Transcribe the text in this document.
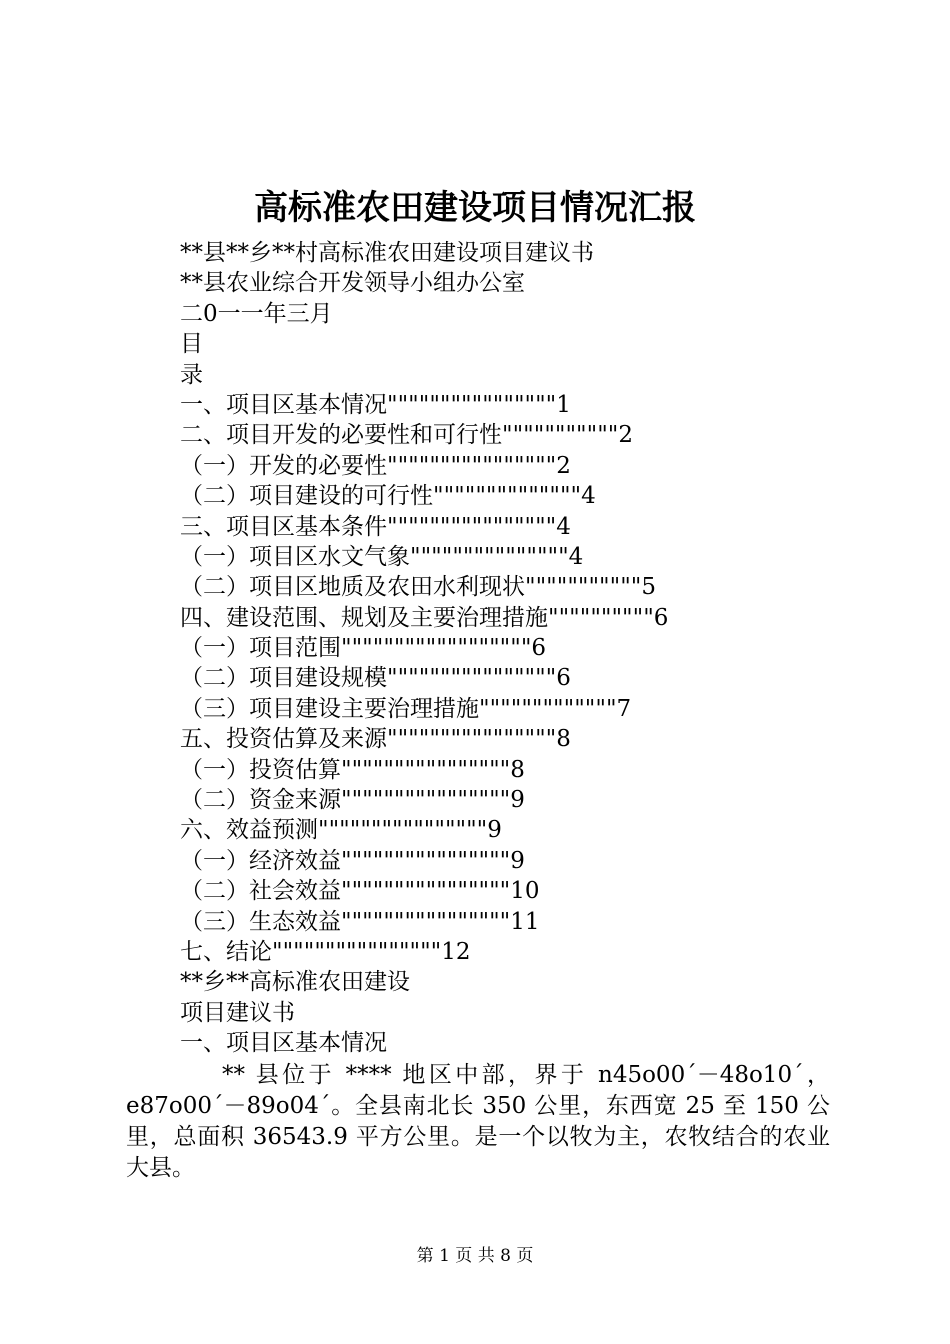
高标准农田建设项目情况汇报
**县**乡**村高标准农田建设项目建议书
**县农业综合开发领导小组办公室
二0一一年三月
目
录
一、项目区基本情况""""""""""""""""1
二、项目开发的必要性和可行性"""""""""""2
（一）开发的必要性""""""""""""""""2
（二）项目建设的可行性""""""""""""""4
三、项目区基本条件""""""""""""""""4
（一）项目区水文气象"""""""""""""""4
（二）项目区地质及农田水利现状"""""""""""5
四、建设范围、规划及主要治理措施""""""""""6
（一）项目范围""""""""""""""""""6
（二）项目建设规模""""""""""""""""6
（三）项目建设主要治理措施"""""""""""""7
五、投资估算及来源""""""""""""""""8
（一）投资估算""""""""""""""""8
（二）资金来源""""""""""""""""9
六、效益预测""""""""""""""""9
（一）经济效益""""""""""""""""9
（二）社会效益""""""""""""""""10
（三）生态效益""""""""""""""""11
七、结论""""""""""""""""12
**乡**高标准农田建设
项目建议书
一、项目区基本情况

** 县位于 **** 地区中部，界于 n45o00´－48o10´，e87o00´－89o04´。全县南北长 350 公里，东西宽 25 至 150 公里，总面积 36543.9 平方公里。是一个以牧为主，农牧结合的农业大县。

第 1 页 共 8 页
